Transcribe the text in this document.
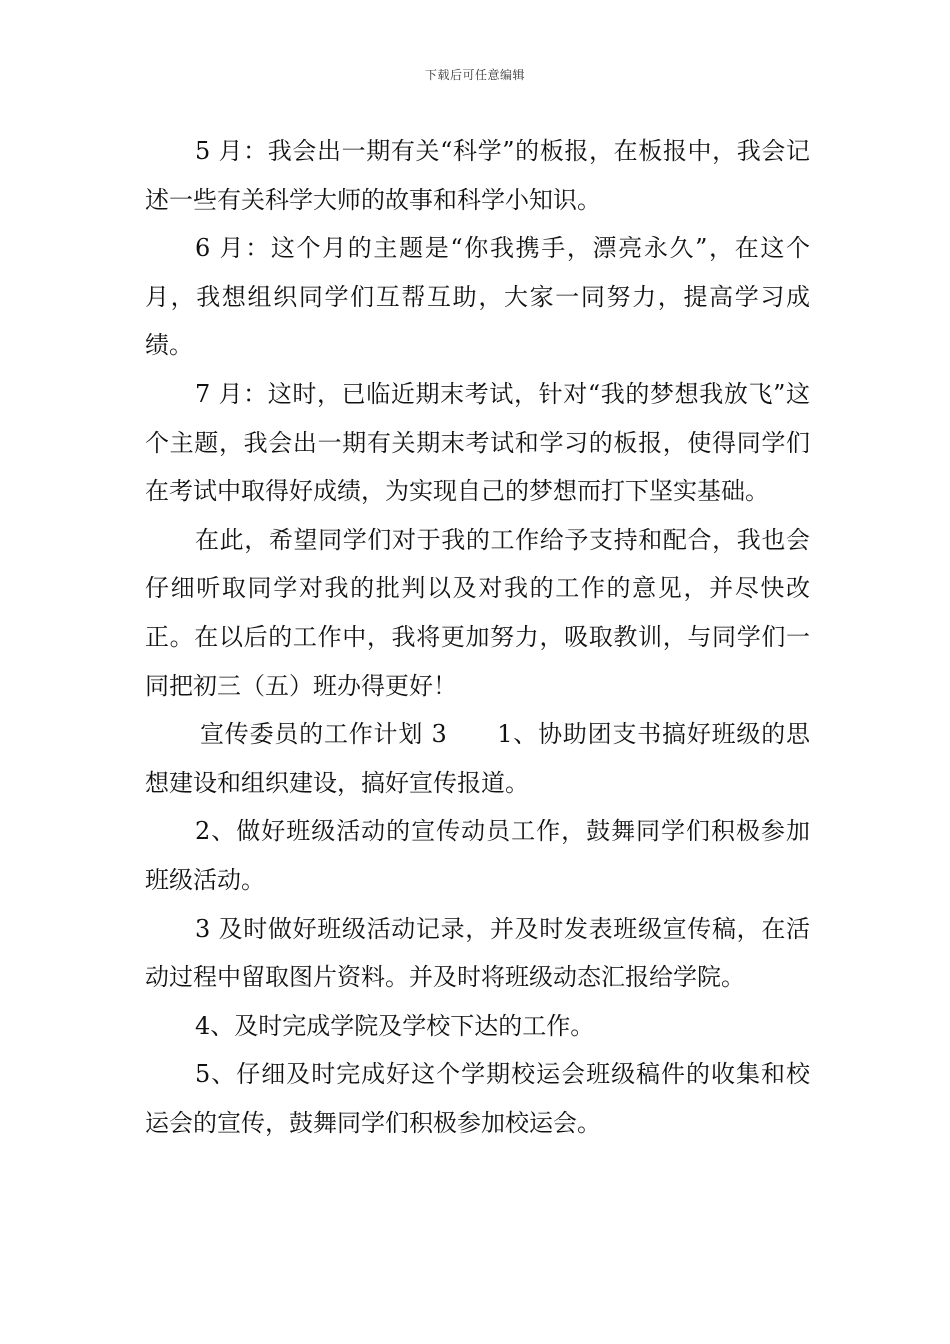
下载后可任意编辑

5 月：我会出一期有关“科学”的板报，在板报中，我会记述一些有关科学大师的故事和科学小知识。

6 月：这个月的主题是“你我携手，漂亮永久”，在这个月，我想组织同学们互帮互助，大家一同努力，提高学习成绩。

7 月：这时，已临近期末考试，针对“我的梦想我放飞”这个主题，我会出一期有关期末考试和学习的板报，使得同学们在考试中取得好成绩，为实现自己的梦想而打下坚实基础。

在此，希望同学们对于我的工作给予支持和配合，我也会仔细听取同学对我的批判以及对我的工作的意见，并尽快改正。在以后的工作中，我将更加努力，吸取教训，与同学们一同把初三（五）班办得更好！

宣传委员的工作计划 3　　1、协助团支书搞好班级的思想建设和组织建设，搞好宣传报道。

2、做好班级活动的宣传动员工作，鼓舞同学们积极参加班级活动。

3 及时做好班级活动记录，并及时发表班级宣传稿，在活动过程中留取图片资料。并及时将班级动态汇报给学院。

4、及时完成学院及学校下达的工作。

5、仔细及时完成好这个学期校运会班级稿件的收集和校运会的宣传，鼓舞同学们积极参加校运会。
